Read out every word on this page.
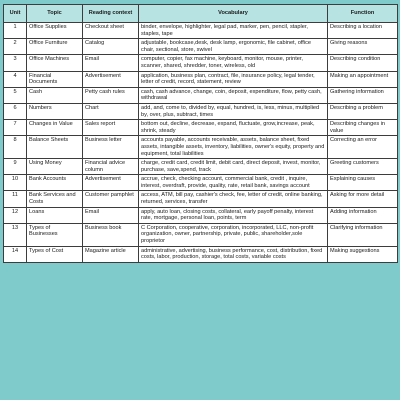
Unit	Topic	Reading context	Vocabulary	Function
1	Office Supplies	Checkout sheet	binder, envelope, highlighter, legal pad, marker, pen, pencil, stapler, staples, tape	Describing a location
2	Office Furniture	Catalog	adjustable, bookcase,desk, desk lamp, ergonomic, file cabinet, office chair, sectional, store, swivel	Giving reasons
3	Office Machines	Email	computer, copier, fax machine, keyboard, monitor, mouse, printer, scanner, shared, shredder, toner, wireless, old	Describing condition
4	Financial Documents	Advertisement	application, business plan, contract, file, insurance policy, legal tender, letter of credit, record, statement, review	Making an appointment
5	Cash	Petty cash rules	cash, cash advance, change, coin, deposit, expenditure, flow, petty cash, withdrawal	Gathering information
6	Numbers	Chart	add, and, come to, divided by, equal, hundred, is, less, minus, multiplied by, over, plus, subtract, times	Describing a problem
7	Changes in Value	Sales report	bottom out, decline, decrease, expand, fluctuate, grow,increase, peak, shrink, steady	Describing changes in value
8	Balance Sheets	Business letter	accounts payable, accounts receivable, assets, balance sheet, fixed assets, intangible assets, inventory, liabilities, owner's equity, property and equipment, total liabilities	Correcting an error
9	Using Money	Financial advice column	charge, credit card, credit limit, debit card, direct deposit, invest, monitor, purchase, save,spend, track	Greeting customers
10	Bank Accounts	Advertisement	accrue, check, checking account, commercial bank, credit , inquire, interest, overdraft, provide, quality, rate, retail bank, savings account	Explaining causes
11	Bank Services and Costs	Customer pamphlet	access, ATM, bill pay, cashier's check, fee, letter of credit, online banking, returned, services, transfer	Asking for more detail
12	Loans	Email	apply, auto loan, closing costs, collateral, early payoff penalty, interest rate, mortgage, personal loan, points, term	Adding information
13	Types of Businesses	Business book	C Corporation, cooperative, corporation, incorporated, LLC, non-profit organization, owner, partnership, private, public, shareholder,sole proprietor	Clarifying information
14	Types of Cost	Magazine article	administrative, advertising, business performance, cost, distribution, fixed costs, labor, production, storage, total costs, variable costs	Making suggestions
